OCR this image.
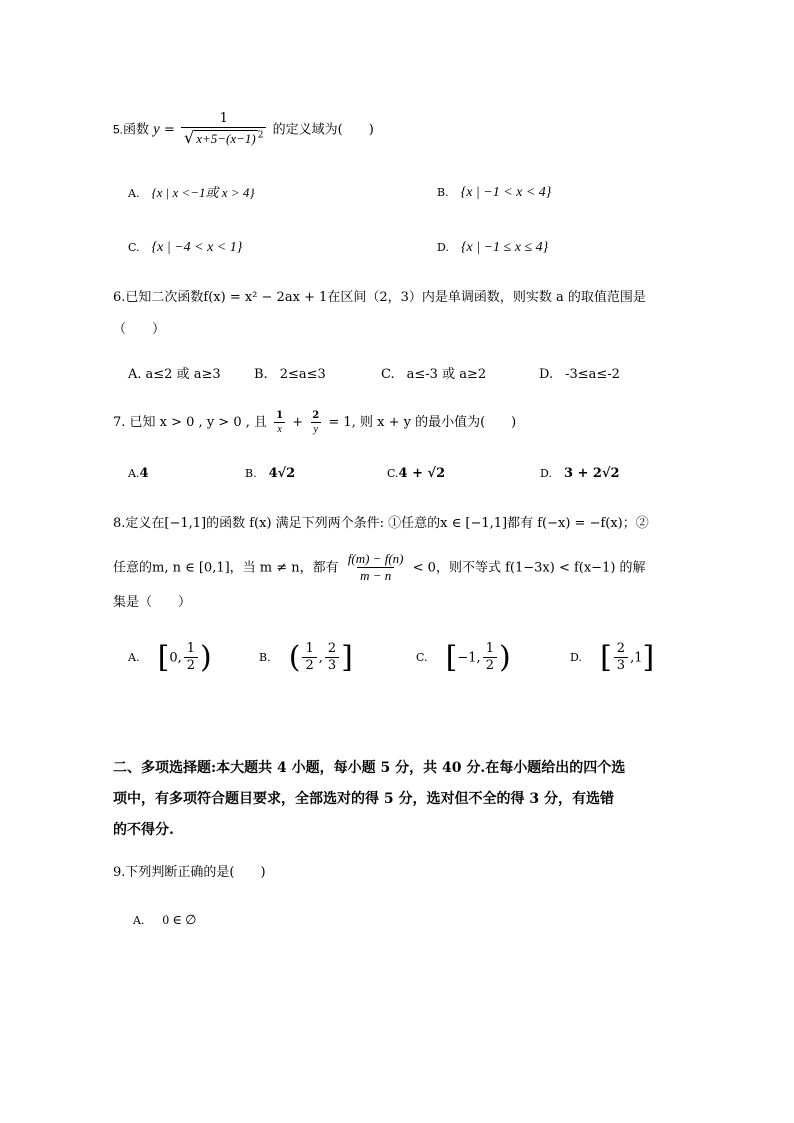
5.函数 $y = \frac{1}{√ x+5-(x-1) ^2}$ 的定义域为(　　)
A. {x | x <−1或 x > 4}	B. {x | −1 < x < 4}
C. {x | −4 < x < 1}	D. {x | −1 ≤ x ≤ 4}
6.已知二次函数f(x) = x² − 2ax + 1在区间（2，3）内是单调函数，则实数 a 的取值范围是
（　　）
A. a≤2 或 a≥3	B. 2≤a≤3	C. a≤-3 或 a≥2	D. -3≤a≤-2
7. 已知 x > 0 , y > 0 , 且 $\frac{1}{x} + \frac{2}{y} = 1$, 则 x + y 的最小值为(　　)
A.4	B. 4√2	C.4 + √2	D. 3 + 2√2
8.定义在[−1,1]的函数 f(x) 满足下列两个条件: ①任意的x ∈ [−1,1]都有 f(−x) = −f(x)；②
任意的m, n ∈ [0,1]，当 m ≠ n，都有 $\frac{f(m) - f(n)}{m - n} < 0$，则不等式 f(1−3x) < f(x−1) 的解
集是（　　）
A. [0, $\frac{1}{2}$ )	B. ( $\frac{1}{2}$ , $\frac{2}{3}$ ]	C. [−1, $\frac{1}{2}$ )	D. [ $\frac{2}{3} ,1$]
二、多项选择题:本大题共 4 小题，每小题 5 分，共 40 分.在每小题给出的四个选
项中，有多项符合题目要求，全部选对的得 5 分，选对但不全的得 3 分，有选错
的不得分.
9.下列判断正确的是(　　)
A. 0 ∈ ∅
